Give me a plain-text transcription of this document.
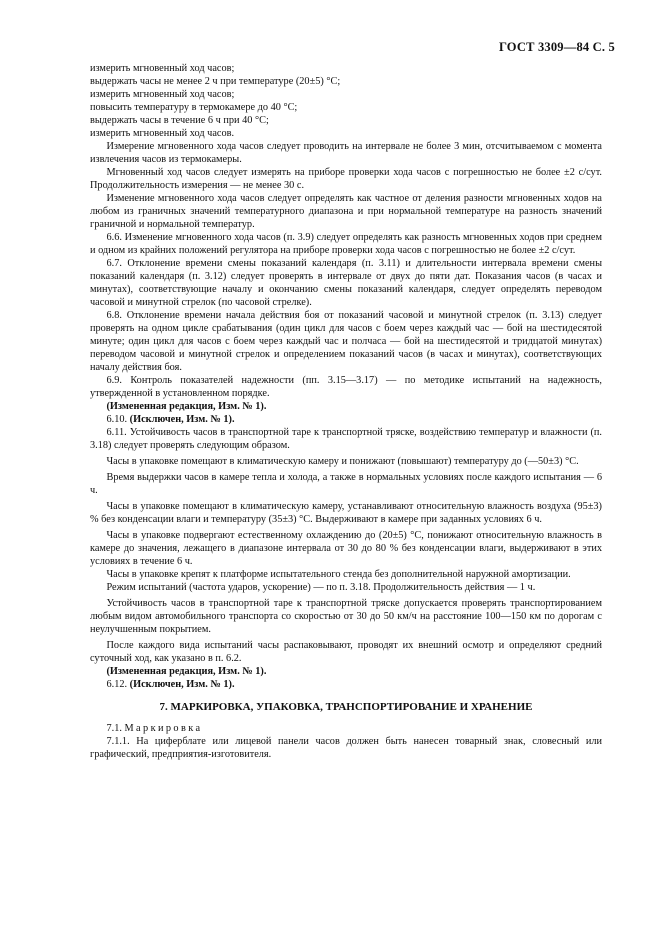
ГОСТ 3309—84 С. 5

измерить мгновенный ход часов;

выдержать часы не менее 2 ч при температуре (20±5) °С;

измерить мгновенный ход часов;

повысить температуру в термокамере до 40 °С;

выдержать часы в течение 6 ч при 40 °С;

измерить мгновенный ход часов.

Измерение мгновенного хода часов следует проводить на интервале не более 3 мин, отсчитываемом с момента извлечения часов из термокамеры.

Мгновенный ход часов следует измерять на приборе проверки хода часов с погрешностью не более ±2 с/сут. Продолжительность измерения — не менее 30 с.

Изменение мгновенного хода часов следует определять как частное от деления разности мгновенных ходов на любом из граничных значений температурного диапазона и при нормальной температуре на разность значений граничной и нормальной температур.

6.6. Изменение мгновенного хода часов (п. 3.9) следует определять как разность мгновенных ходов при среднем и одном из крайних положений регулятора на приборе проверки хода часов с погрешностью не более ±2 с/сут.

6.7. Отклонение времени смены показаний календаря (п. 3.11) и длительности интервала времени смены показаний календаря (п. 3.12) следует проверять в интервале от двух до пяти дат. Показания часов (в часах и минутах), соответствующие началу и окончанию смены показаний календаря, следует определять переводом часовой и минутной стрелок (по часовой стрелке).

6.8. Отклонение времени начала действия боя от показаний часовой и минутной стрелок (п. 3.13) следует проверять на одном цикле срабатывания (один цикл для часов с боем через каждый час — бой на шестидесятой минуте; один цикл для часов с боем через каждый час и полчаса — бой на шестидесятой и тридцатой минутах) переводом часовой и минутной стрелок и определением показаний часов (в часах и минутах), соответствующих началу действия боя.

6.9. Контроль показателей надежности (пп. 3.15—3.17) — по методике испытаний на надежность, утвержденной в установленном порядке.

(Измененная редакция, Изм. № 1).

6.10. (Исключен, Изм. № 1).

6.11. Устойчивость часов в транспортной таре к транспортной тряске, воздействию температур и влажности (п. 3.18) следует проверять следующим образом.

Часы в упаковке помещают в климатическую камеру и понижают (повышают) температуру до (—50±3) °С.

Время выдержки часов в камере тепла и холода, а также в нормальных условиях после каждого испытания — 6 ч.

Часы в упаковке помещают в климатическую камеру, устанавливают относительную влажность воздуха (95±3) % без конденсации влаги и температуру (35±3) °С. Выдерживают в камере при заданных условиях 6 ч.

Часы в упаковке подвергают естественному охлаждению до (20±5) °С, понижают относительную влажность в камере до значения, лежащего в диапазоне интервала от 30 до 80 % без конденсации влаги, выдерживают в этих условиях в течение 6 ч.

Часы в упаковке крепят к платформе испытательного стенда без дополнительной наружной амортизации.

Режим испытаний (частота ударов, ускорение) — по п. 3.18. Продолжительность действия — 1 ч.

Устойчивость часов в транспортной таре к транспортной тряске допускается проверять транспортированием любым видом автомобильного транспорта со скоростью от 30 до 50 км/ч на расстояние 100—150 км по дорогам с неулучшенным покрытием.

После каждого вида испытаний часы распаковывают, проводят их внешний осмотр и определяют средний суточный ход, как указано в п. 6.2.

(Измененная редакция, Изм. № 1).

6.12. (Исключен, Изм. № 1).

7. МАРКИРОВКА, УПАКОВКА, ТРАНСПОРТИРОВАНИЕ И ХРАНЕНИЕ

7.1. Маркировка

7.1.1. На циферблате или лицевой панели часов должен быть нанесен товарный знак, словесный или графический, предприятия-изготовителя.
